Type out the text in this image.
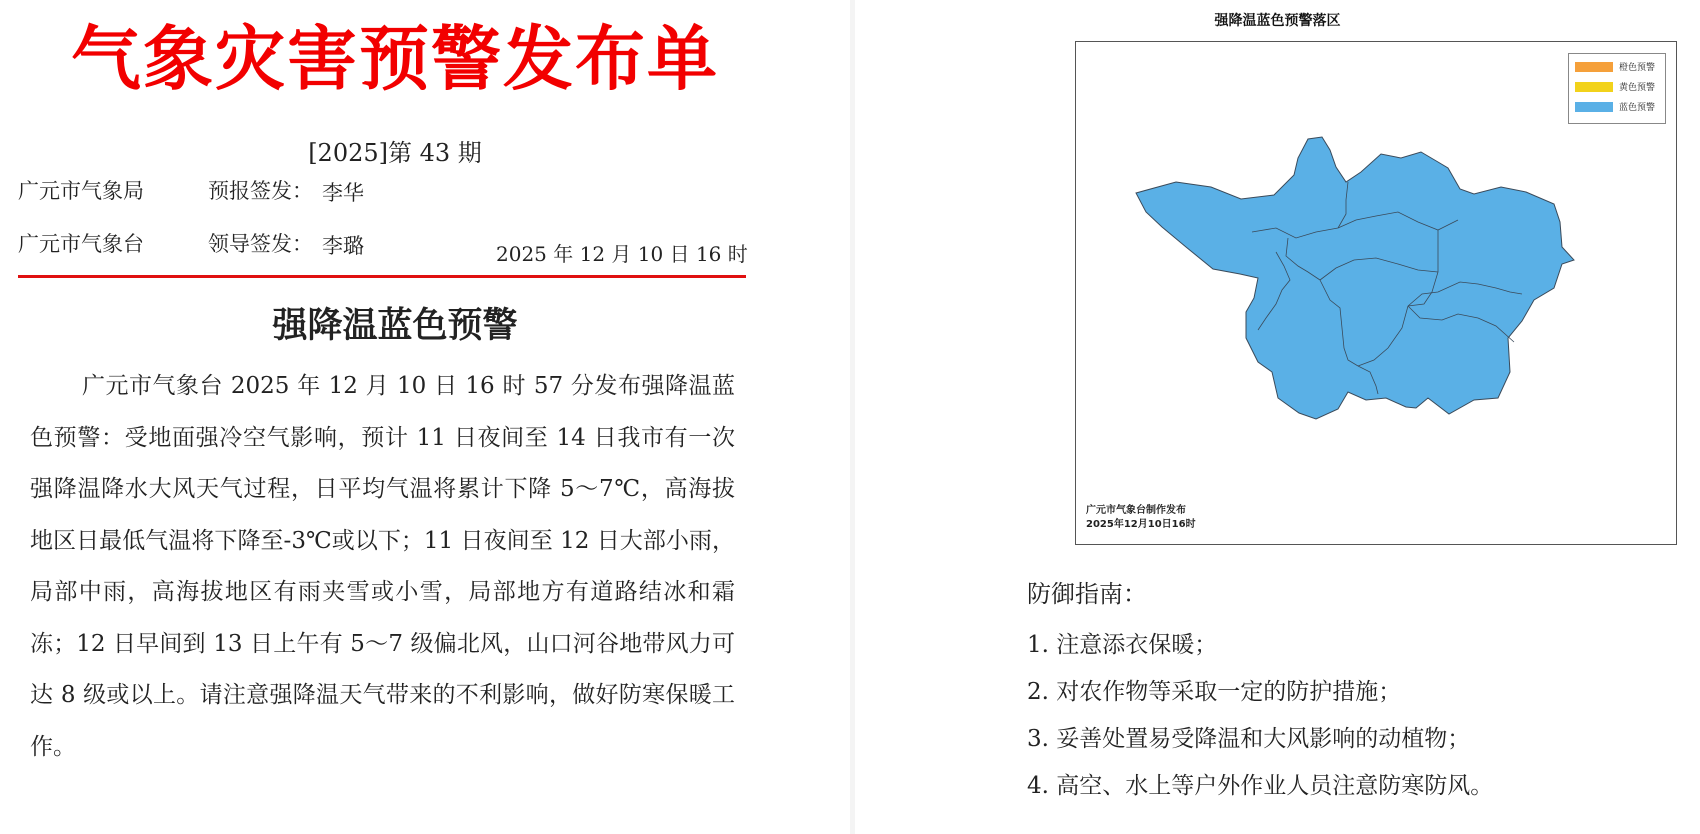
气象灾害预警发布单

[2025]第 43 期

广元市气象局	预报签发： 李华

广元市气象台	领导签发： 李璐	2025 年 12 月 10 日 16 时

强降温蓝色预警

广元市气象台 2025 年 12 月 10 日 16 时 57 分发布强降温蓝色预警：受地面强冷空气影响，预计 11 日夜间至 14 日我市有一次强降温降水大风天气过程，日平均气温将累计下降 5～7℃，高海拔地区日最低气温将下降至-3℃或以下；11 日夜间至 12 日大部小雨，局部中雨，高海拔地区有雨夹雪或小雪，局部地方有道路结冰和霜冻；12 日早间到 13 日上午有 5～7 级偏北风，山口河谷地带风力可达 8 级或以上。请注意强降温天气带来的不利影响，做好防寒保暖工作。

强降温蓝色预警落区

橙色预警
黄色预警
蓝色预警

广元市气象台制作发布
2025年12月10日16时

防御指南：

1. 注意添衣保暖；

2. 对农作物等采取一定的防护措施；

3. 妥善处置易受降温和大风影响的动植物；

4. 高空、水上等户外作业人员注意防寒防风。
